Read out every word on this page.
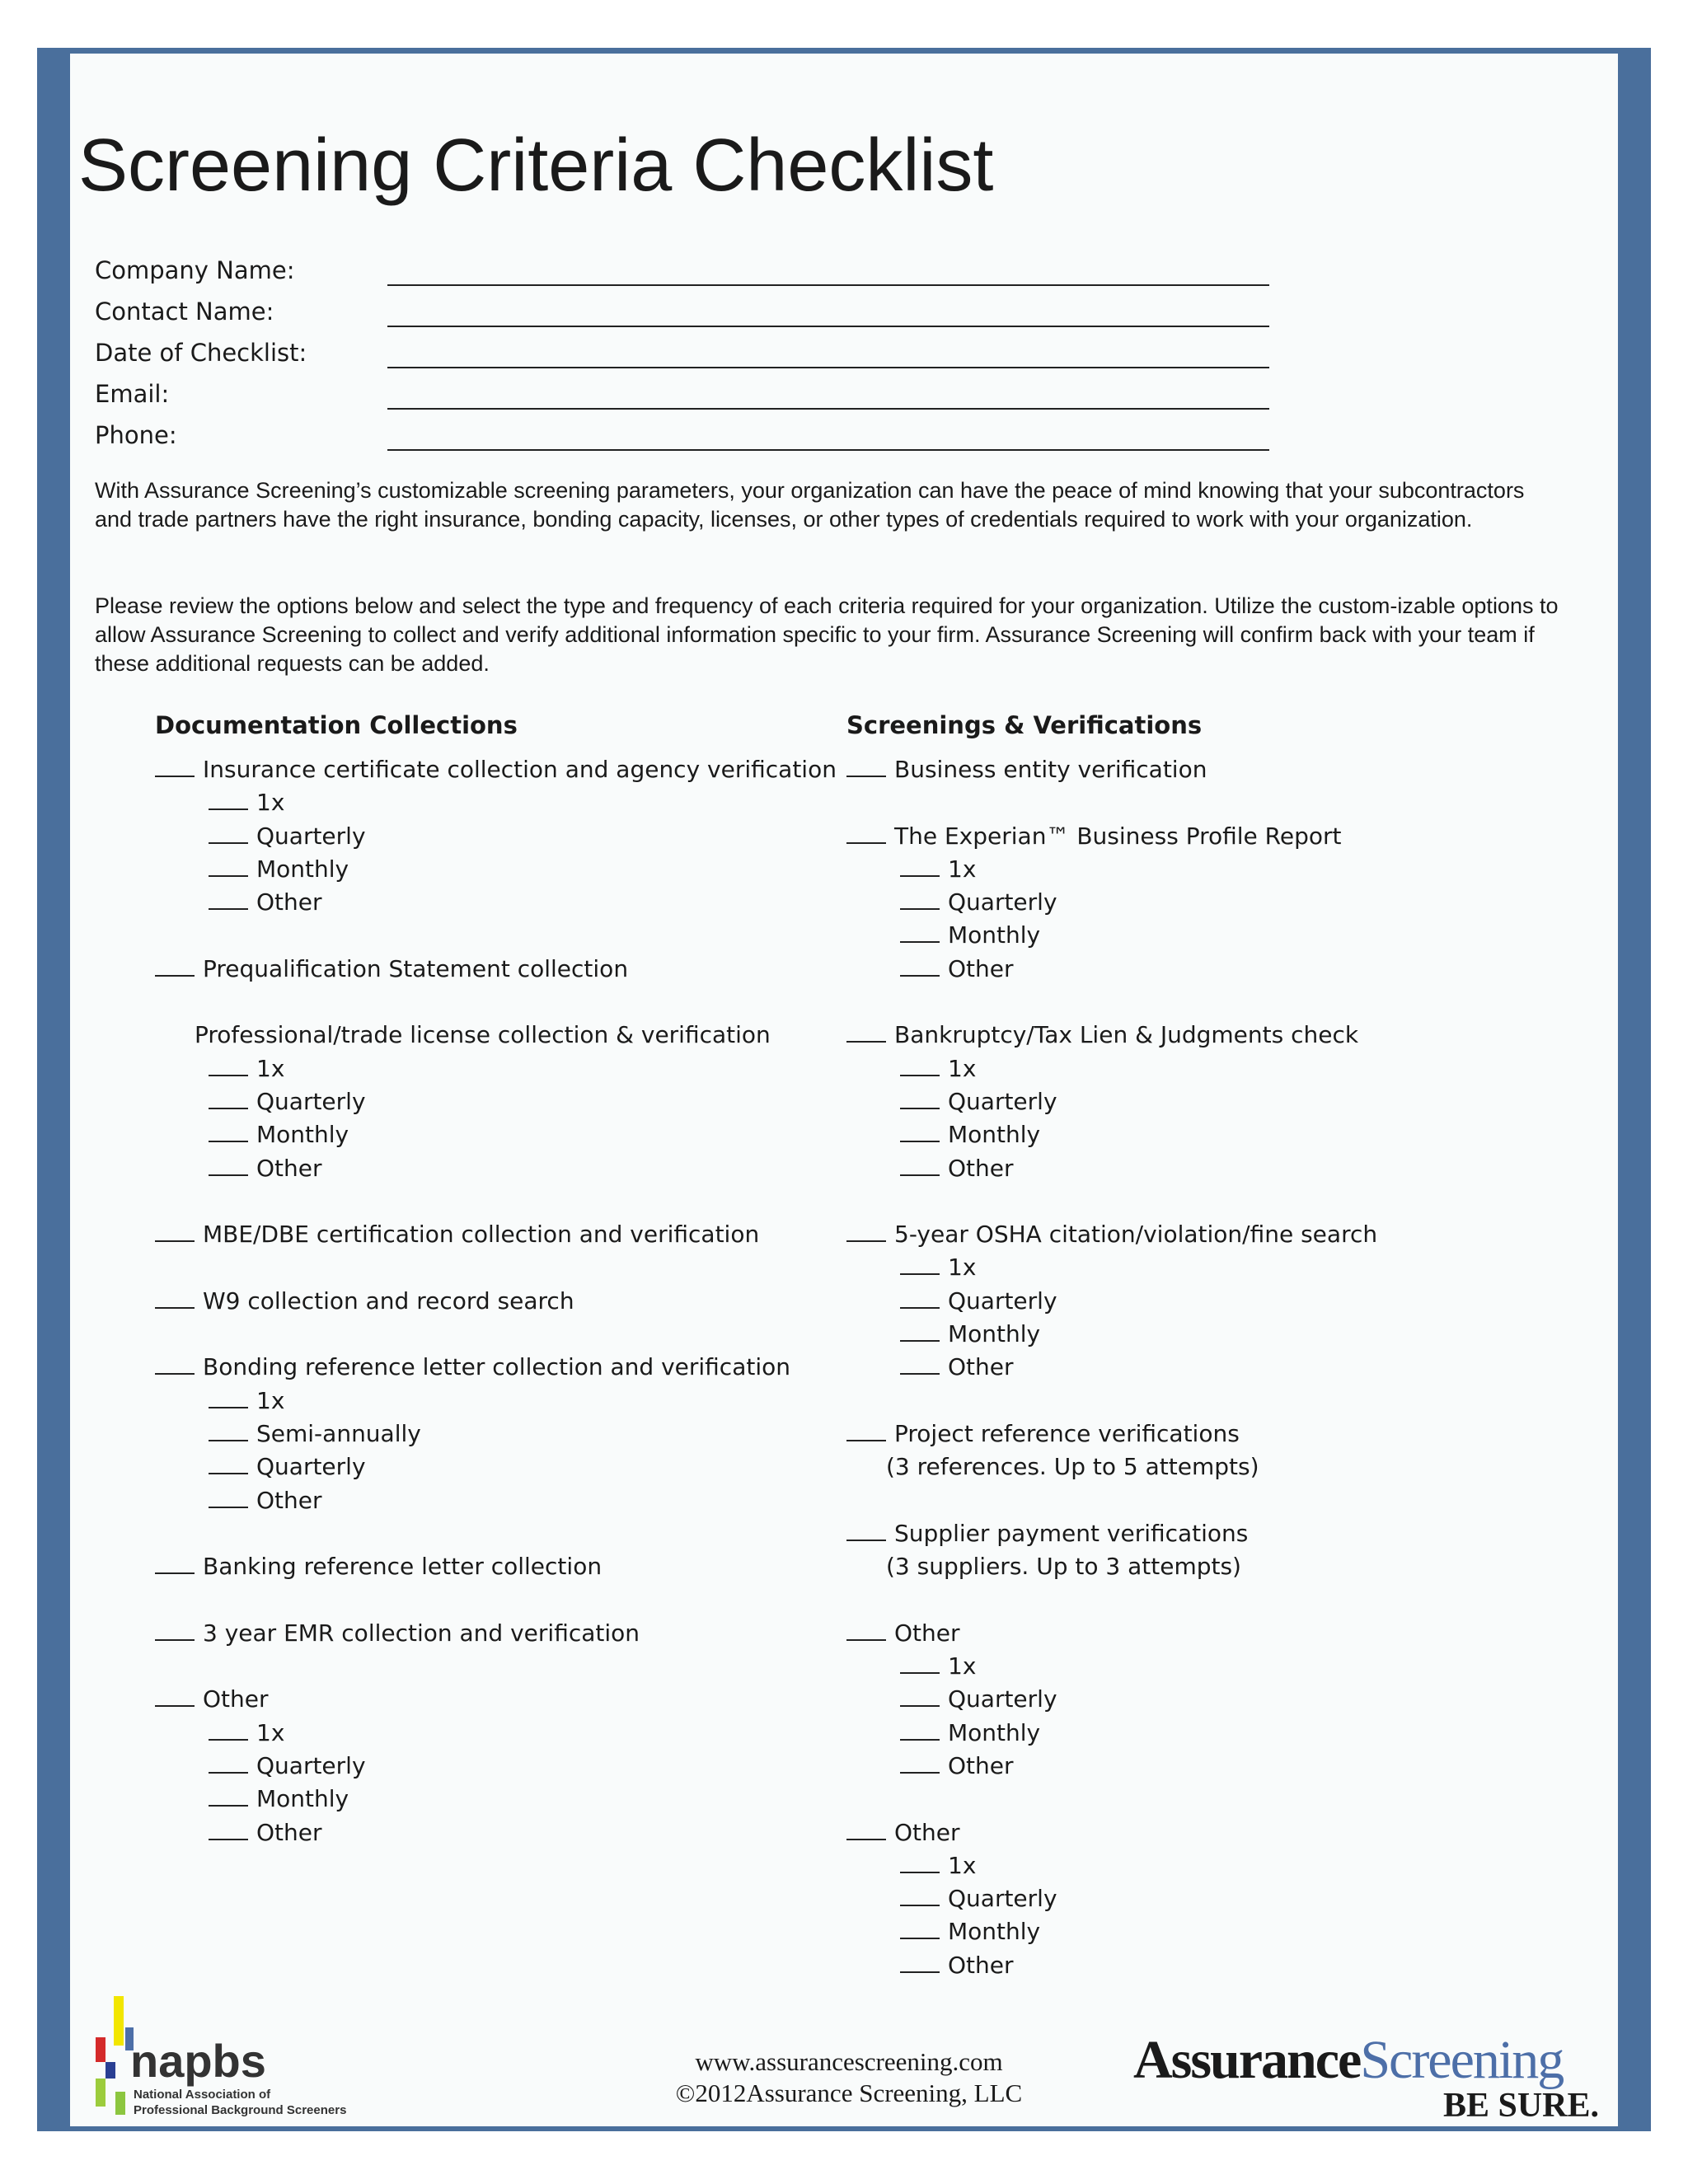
Screening Criteria Checklist
Company Name:
Contact Name:
Date of Checklist:
Email:
Phone:

With Assurance Screening’s customizable screening parameters, your organization can have the peace of mind knowing that your subcontractors and trade partners have the right insurance, bonding capacity, licenses, or other types of credentials required to work with your organization.

Please review the options below and select the type and frequency of each criteria required for your organization. Utilize the custom-izable options to allow Assurance Screening to collect and verify additional information specific to your firm. Assurance Screening will confirm back with your team if these additional requests can be added.

Documentation Collections
Insurance certificate collection and agency verification
1x
Quarterly
Monthly
Other
Prequalification Statement collection
Professional/trade license collection & verification
1x
Quarterly
Monthly
Other
MBE/DBE certification collection and verification
W9 collection and record search
Bonding reference letter collection and verification
1x
Semi-annually
Quarterly
Other
Banking reference letter collection
3 year EMR collection and verification
Other
1x
Quarterly
Monthly
Other
Screenings & Verifications
Business entity verification
The Experian™ Business Profile Report
1x
Quarterly
Monthly
Other
Bankruptcy/Tax Lien & Judgments check
1x
Quarterly
Monthly
Other
5-year OSHA citation/violation/fine search
1x
Quarterly
Monthly
Other
Project reference verifications
(3 references. Up to 5 attempts)
Supplier payment verifications
(3 suppliers. Up to 3 attempts)
Other
1x
Quarterly
Monthly
Other
Other
1x
Quarterly
Monthly
Other
napbs
National Association of
Professional Background Screeners
www.assurancescreening.com
©2012Assurance Screening, LLC
AssuranceScreening
BE SURE.
